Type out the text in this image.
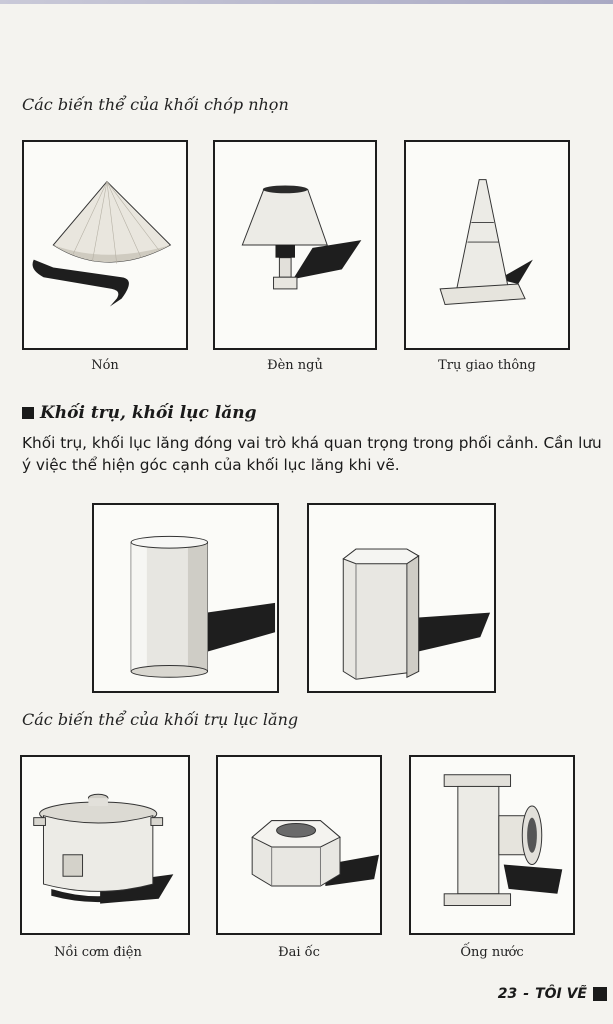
Các biến thể của khối chóp nhọn
Nón	Đèn ngủ	Trụ giao thông
Khối trụ, khối lục lăng
Khối trụ, khối lục lăng đóng vai trò khá quan trọng trong phối cảnh. Cần lưu ý việc thể hiện góc cạnh của khối lục lăng khi vẽ.
Các biến thể của khối trụ lục lăng
Nồi cơm điện	Đai ốc	Ống nước
23 - TÔI VẼ
